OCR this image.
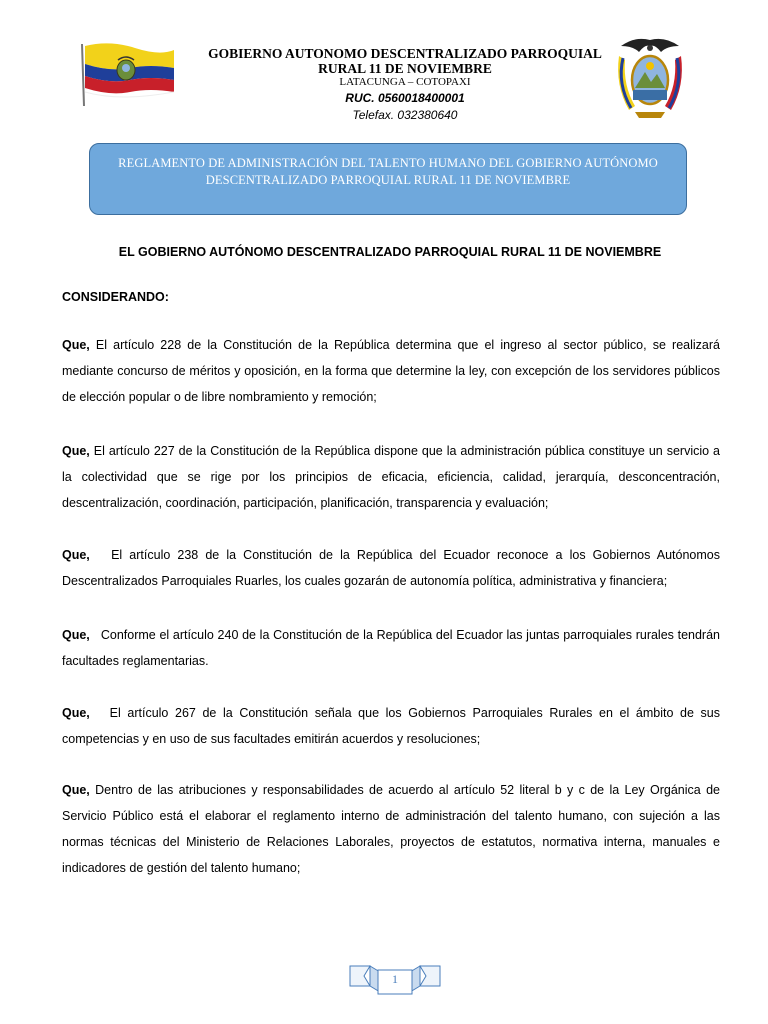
GOBIERNO AUTONOMO DESCENTRALIZADO PARROQUIAL
RURAL 11 DE NOVIEMBRE
LATACUNGA – COTOPAXI
RUC. 0560018400001
Telefax. 032380640
REGLAMENTO DE ADMINISTRACIÓN DEL TALENTO HUMANO DEL GOBIERNO AUTÓNOMO DESCENTRALIZADO PARROQUIAL RURAL 11 DE NOVIEMBRE
EL GOBIERNO AUTÓNOMO DESCENTRALIZADO PARROQUIAL RURAL 11 DE NOVIEMBRE
CONSIDERANDO:
Que, El artículo 228 de la Constitución de la República determina que el ingreso al sector público, se realizará mediante concurso de méritos y oposición, en la forma que determine la ley, con excepción de los servidores públicos de elección popular o de libre nombramiento y remoción;
Que, El artículo 227 de la Constitución de la República dispone que la administración pública constituye un servicio a la colectividad que se rige por los principios de eficacia, eficiencia, calidad, jerarquía, desconcentración, descentralización, coordinación, participación, planificación, transparencia y evaluación;
Que,   El artículo 238 de la Constitución de la República del Ecuador reconoce a los Gobiernos Autónomos Descentralizados Parroquiales Ruarles, los cuales gozarán de autonomía política, administrativa y financiera;
Que,   Conforme el artículo 240 de la Constitución de la República del Ecuador las juntas parroquiales rurales tendrán facultades reglamentarias.
Que,   El artículo 267 de la Constitución señala que los Gobiernos Parroquiales Rurales en el ámbito de sus competencias y en uso de sus facultades emitirán acuerdos y resoluciones;
Que, Dentro de las atribuciones y responsabilidades de acuerdo al artículo 52 literal b y c de la Ley Orgánica de Servicio Público está el elaborar el reglamento interno de administración del talento humano, con sujeción a las normas técnicas del Ministerio de Relaciones Laborales, proyectos de estatutos, normativa interna, manuales e indicadores de gestión del talento humano;
1
